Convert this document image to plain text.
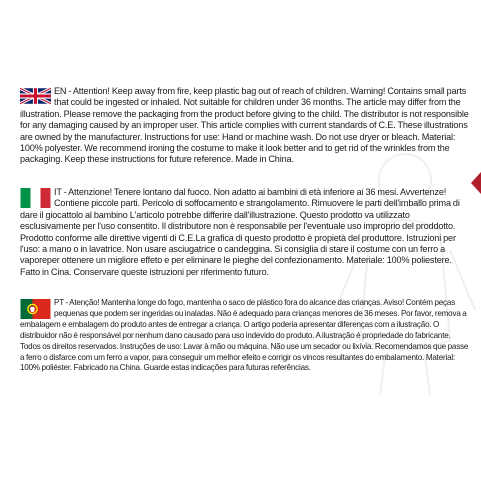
EN - Attention! Keep away from fire, keep plastic bag out of reach of children. Warning! Contains small parts that could be ingested or inhaled. Not suitable for children under 36 months. The article may differ from the illustration. Please remove the packaging from the product before giving to the child. The distributor is not responsible for any damaging caused by an improper user. This article complies with current standards of C.E. These illustrations are owned by the manufacturer. Instructions for use: Hand or machine wash. Do not use dryer or bleach. Material: 100% polyester. We recommend ironing the costume to make it look better and to get rid of the wrinkles from the packaging. Keep these instructions for future reference. Made in China.

IT - Attenzione! Tenere lontano dal fuoco. Non adatto ai bambini di età inferiore ai 36 mesi. Avvertenze! Contiene piccole parti. Pericolo di soffocamento e strangolamento. Rimuovere le parti dell'imballo prima di dare il giocattolo al bambino L'articolo potrebbe differire dall'illustrazione. Questo prodotto va utilizzato esclusivamente per l'uso consentito. Il distributore non è responsabile per l'eventuale uso improprio del proddotto. Prodotto conforme alle direttive vigenti di C.E.La grafica di questo prodotto è propietà del produttore. Istruzioni per l'uso: a mano o in lavatrice. Non usare asciugatrice o candeggina. Si consiglia di stare il costume con un ferro a vaporeper ottenere un migliore effeto e per eliminare le pieghe del confezionamento. Materiale: 100% poliestere. Fatto in Cina. Conservare queste istruzioni per riferimento futuro.

PT - Atenção! Mantenha longe do fogo, mantenha o saco de plástico fora do alcance das crianças. Aviso! Contém peças pequenas que podem ser ingeridas ou inaladas. Não é adequado para crianças menores de 36 meses. Por favor, remova a embalagem e embalagem do produto antes de entregar a criança. O artigo poderia apresentar diferenças com a ilustração. O distribuidor não é responsável por nenhum dano causado para uso indevido do produto. A ilustração é propriedade do fabricante. Todos os direitos reservados. Instruções de uso: Lavar à mão ou máquina. Não use um secador ou lixívia. Recomendamos que passe a ferro o disfarce com um ferro a vapor, para conseguir um melhor efeito e corrigir os vincos resultantes do embalamento. Material: 100% poliéster. Fabricado na China. Guarde estas indicações para futuras referências.
